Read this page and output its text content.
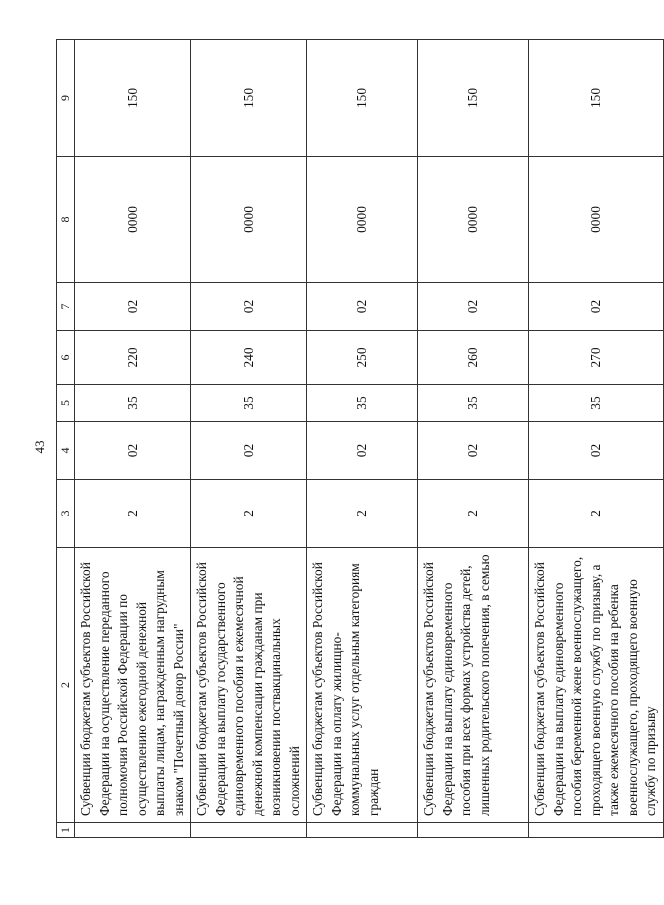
43
1	2	3	4	5	6	7	8	9
	Субвенции бюджетам субъектов Российской Федерации на осуществление переданного полномочия Российской Федерации по осуществлению ежегодной денежной выплаты лицам, награжденным нагрудным знаком "Почетный донор России"	2	02	35	220	02	0000	150
	Субвенции бюджетам субъектов Российской Федерации на выплату государственного единовременного пособия и ежемесячной денежной компенсации гражданам при возникновении поствакцинальных осложнений	2	02	35	240	02	0000	150
	Субвенции бюджетам субъектов Российской Федерации на оплату жилищно-коммунальных услуг отдельным категориям граждан	2	02	35	250	02	0000	150
	Субвенции бюджетам субъектов Российской Федерации на выплату единовременного пособия при всех формах устройства детей, лишенных родительского попечения, в семью	2	02	35	260	02	0000	150
	Субвенции бюджетам субъектов Российской Федерации на выплату единовременного пособия беременной жене военнослужащего, проходящего военную службу по призыву, а также ежемесячного пособия на ребенка военнослужащего, проходящего военную службу по призыву	2	02	35	270	02	0000	150
